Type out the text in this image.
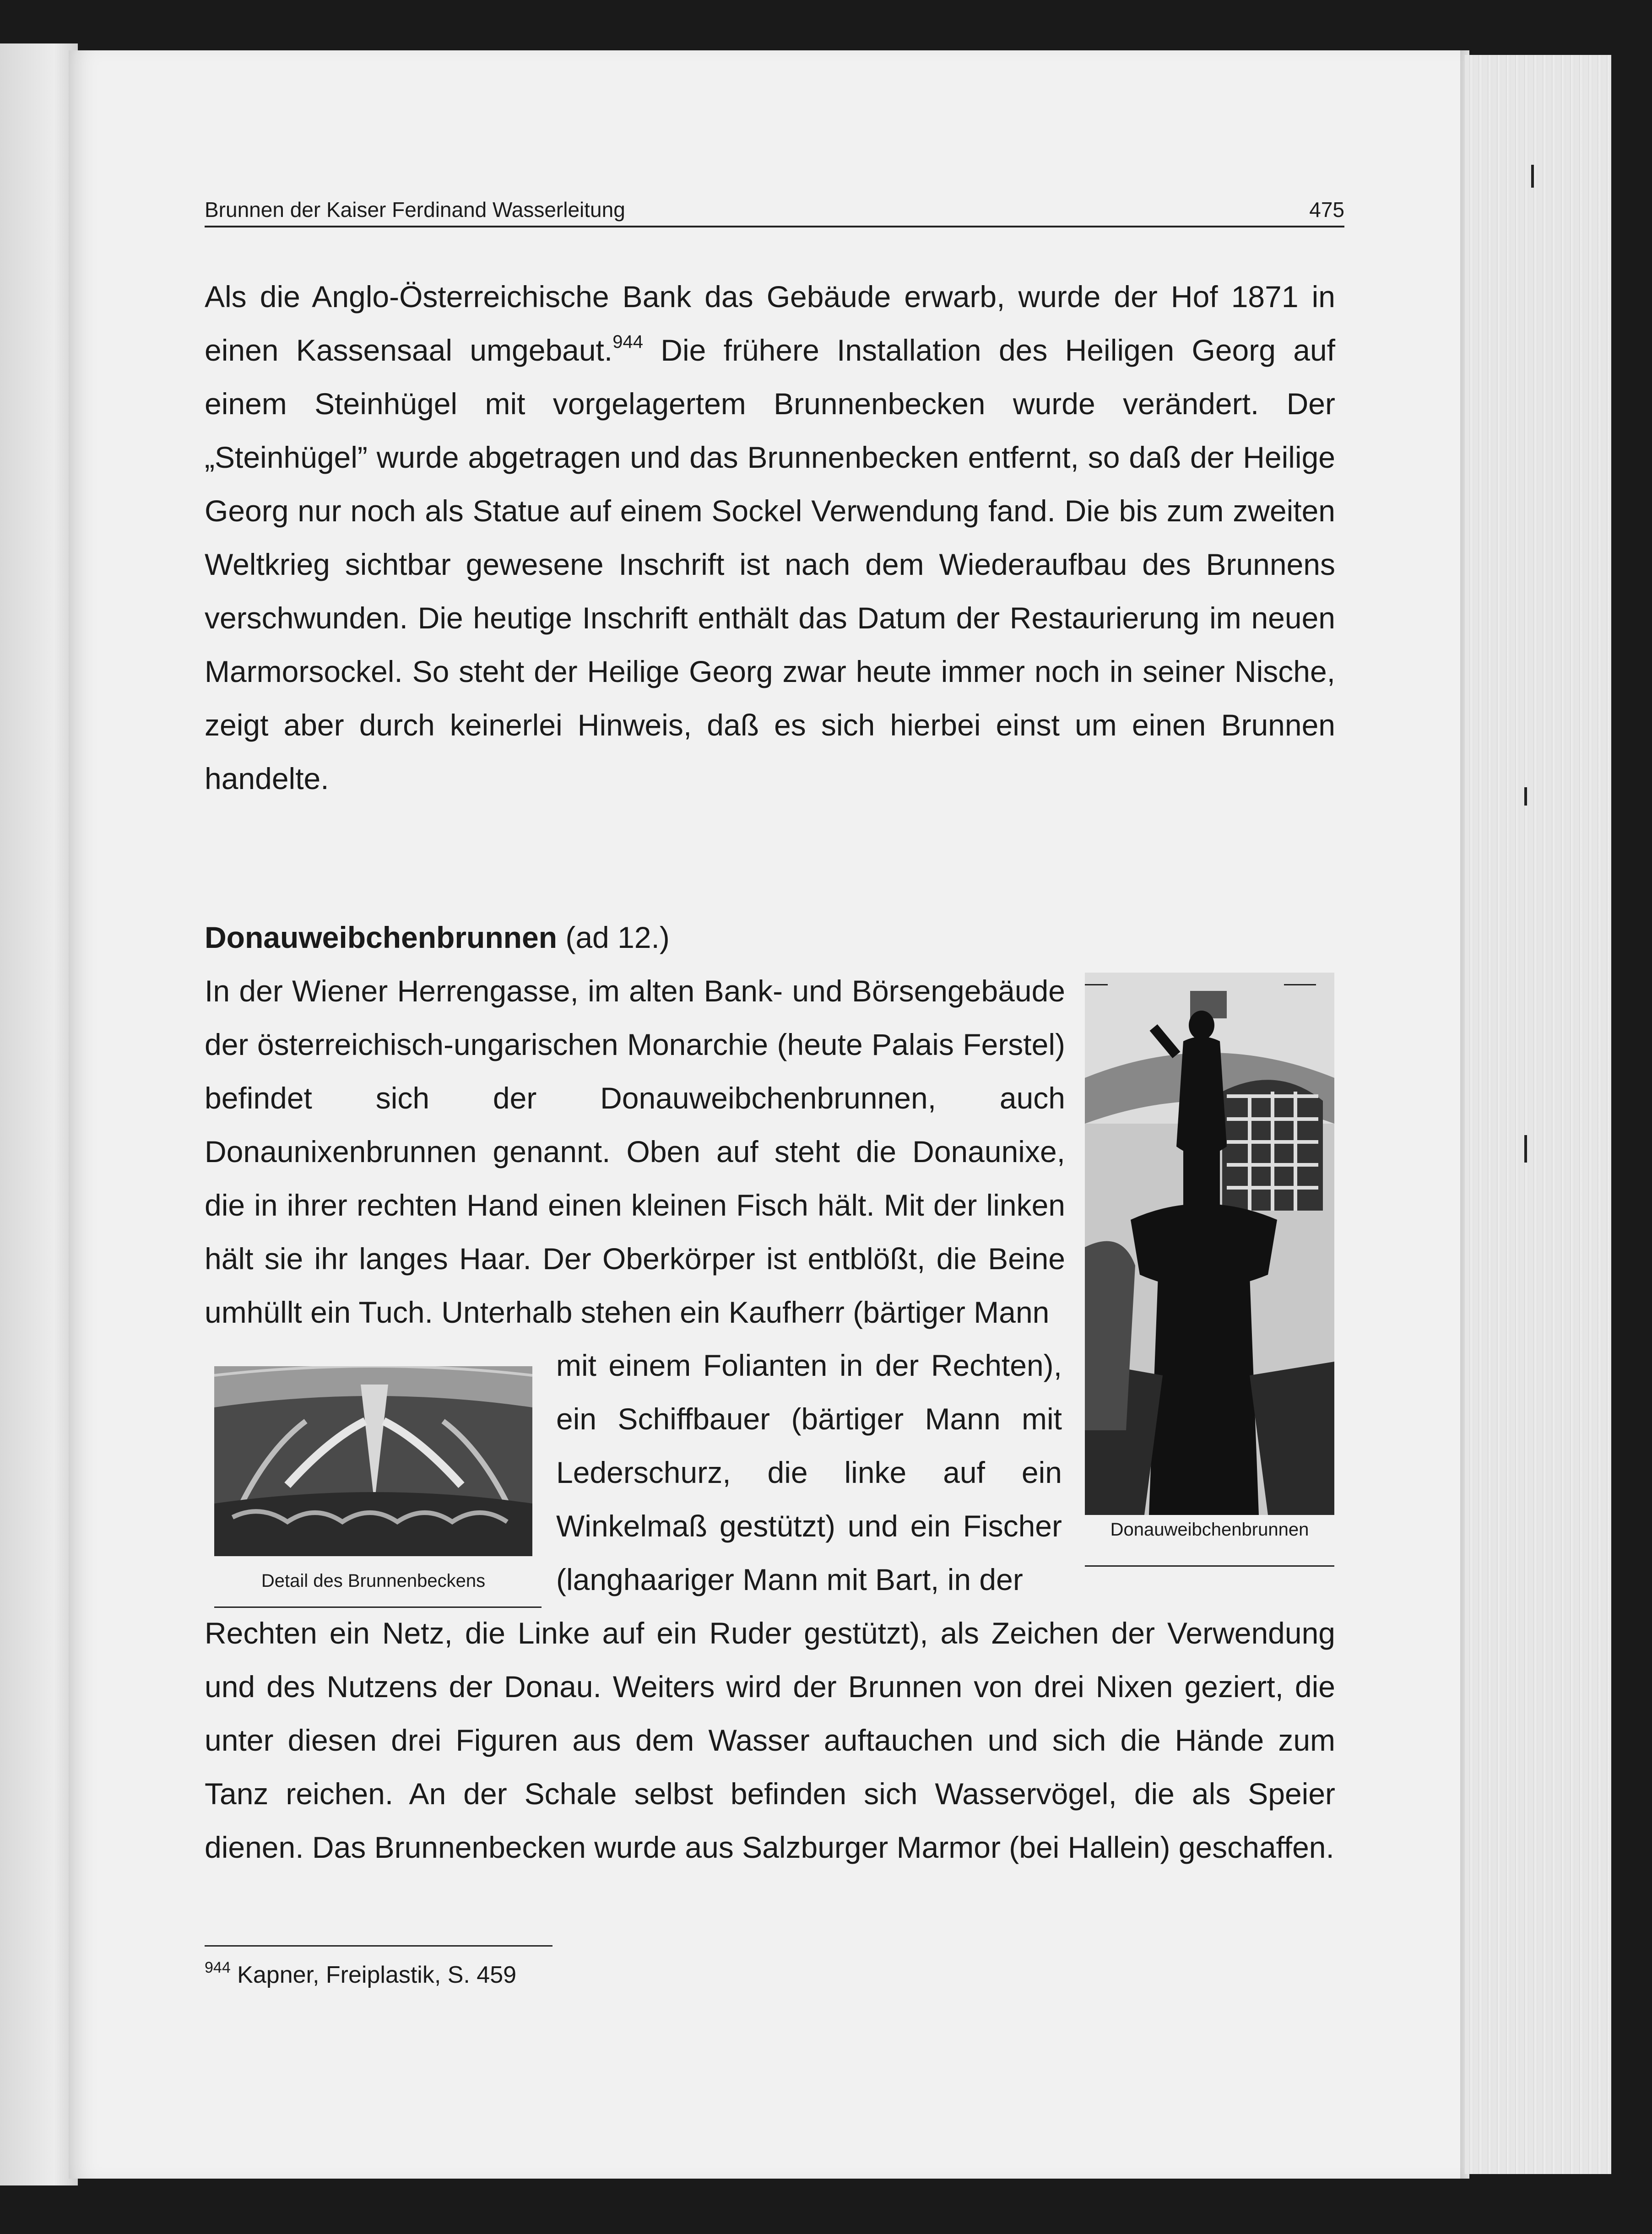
Brunnen der Kaiser Ferdinand Wasserleitung	475
Als die Anglo-Österreichische Bank das Gebäude erwarb, wurde der Hof 1871 in einen Kassensaal umgebaut.$^{944}$ Die frühere Installation des Heiligen Georg auf einem Steinhügel mit vorgelagertem Brunnenbecken wurde verändert. Der „Steinhügel” wurde abgetragen und das Brunnenbecken entfernt, so daß der Heilige Georg nur noch als Statue auf einem Sockel Verwendung fand. Die bis zum zweiten Weltkrieg sichtbar gewesene Inschrift ist nach dem Wiederaufbau des Brunnens verschwunden. Die heutige Inschrift enthält das Datum der Restaurierung im neuen Marmorsockel. So steht der Heilige Georg zwar heute immer noch in seiner Nische, zeigt aber durch keinerlei Hinweis, daß es sich hierbei einst um einen Brunnen handelte.
Donauweibchenbrunnen (ad 12.)
In der Wiener Herrengasse, im alten Bank- und Börsengebäude der österreichisch-ungarischen Monarchie (heute Palais Ferstel) befindet sich der Donauweibchenbrunnen, auch Donaunixenbrunnen genannt. Oben auf steht die Donaunixe, die in ihrer rechten Hand einen kleinen Fisch hält. Mit der linken hält sie ihr langes Haar. Der Oberkörper ist entblößt, die Beine umhüllt ein Tuch. Unterhalb stehen ein Kaufherr (bärtiger Mann
mit einem Folianten in der Rechten), ein Schiffbauer (bärtiger Mann mit Lederschurz, die linke auf ein Winkelmaß gestützt) und ein Fischer (langhaariger Mann mit Bart, in der
Rechten ein Netz, die Linke auf ein Ruder gestützt), als Zeichen der Verwendung und des Nutzens der Donau. Weiters wird der Brunnen von drei Nixen geziert, die unter diesen drei Figuren aus dem Wasser auftauchen und sich die Hände zum Tanz reichen. An der Schale selbst befinden sich Wasservögel, die als Speier dienen. Das Brunnenbecken wurde aus Salzburger Marmor (bei Hallein) geschaffen.
Donauweibchenbrunnen
Detail des Brunnenbeckens
$^{944}$ Kapner, Freiplastik, S. 459
